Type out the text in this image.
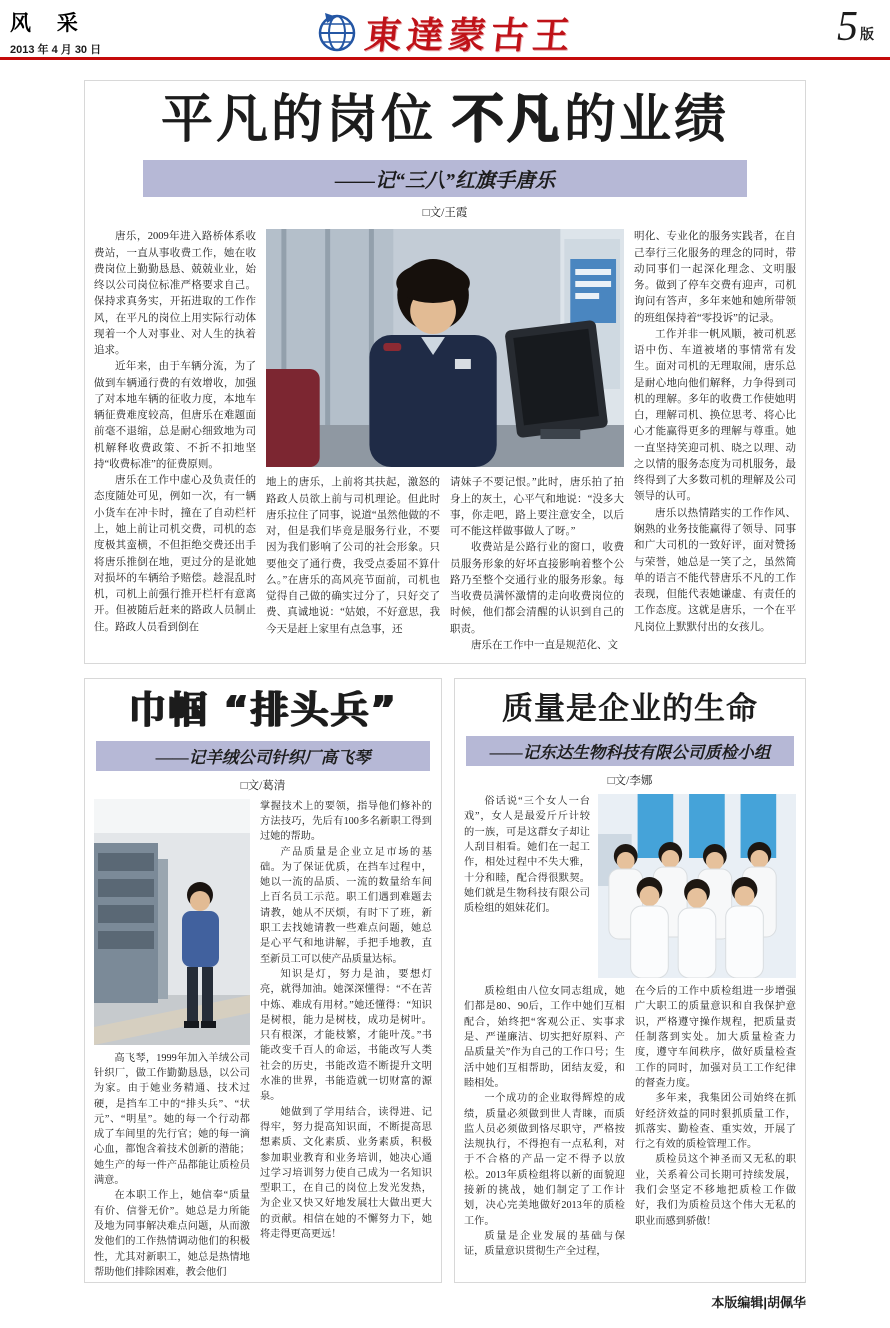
风 采
2013 年 4 月 30 日	東達蒙古王	5 版
平凡的岗位 不凡的业绩
——记“三八”红旗手唐乐
□文/王霞

唐乐，2009年进入路桥体系收费站，一直从事收费工作，她在收费岗位上勤勤恳恳、兢兢业业，始终以公司岗位标准严格要求自己。保持求真务实，开拓进取的工作作风，在平凡的岗位上用实际行动体现着一个人对事业、对人生的执着追求。

近年来，由于车辆分流，为了做到车辆通行费的有效增收，加强了对本地车辆的征收力度，本地车辆征费难度较高，但唐乐在难题面前毫不退缩，总是耐心细致地为司机解释收费政策、不折不扣地坚持“收费标准”的征费原则。

唐乐在工作中虚心及负责任的态度随处可见，例如一次，有一辆小货车在冲卡时，撞在了自动栏杆上，她上前让司机交费，司机的态度极其蛮横，不但拒绝交费还出手将唐乐推倒在地，更过分的是讹她对损坏的车辆给予赔偿。趁混乱时机，司机上前强行推开栏杆有意离开。但被随后赶来的路政人员制止住。路政人员看到倒在

地上的唐乐，上前将其扶起，激怒的路政人员欲上前与司机理论。但此时唐乐拉住了同事，说道“虽然他做的不对，但是我们毕竟是服务行业，不要因为我们影响了公司的社会形象。只要他交了通行费，我受点委屈不算什么。”在唐乐的高风亮节面前，司机也觉得自己做的确实过分了，只好交了费、真诚地说：“姑娘，不好意思，我今天是赶上家里有点急事，还

请妹子不要记恨。”此时，唐乐拍了拍身上的灰土，心平气和地说：“没多大事，你走吧，路上要注意安全，以后可不能这样做事做人了呀。”

收费站是公路行业的窗口，收费员服务形象的好坏直接影响着整个公路乃至整个交通行业的服务形象。每当收费员满怀激情的走向收费岗位的时候，他们都会清醒的认识到自己的职责。

唐乐在工作中一直是规范化、文

明化、专业化的服务实践者，在自己奉行三化服务的理念的同时，带动同事们一起深化理念、文明服务。做到了停车交费有迎声，司机询问有答声，多年来她和她所带领的班组保持着“零投诉”的记录。

工作并非一帆风顺，被司机恶语中伤、车道被堵的事情常有发生。面对司机的无理取闹，唐乐总是耐心地向他们解释，力争得到司机的理解。多年的收费工作使她明白，理解司机、换位思考、将心比心才能赢得更多的理解与尊重。她一直坚持笑迎司机、晓之以理、动之以情的服务态度为司机服务，最终得到了大多数司机的理解及公司领导的认可。

唐乐以热情踏实的工作作风、娴熟的业务技能赢得了领导、同事和广大司机的一致好评，面对赞扬与荣誉，她总是一笑了之，虽然简单的语言不能代替唐乐不凡的工作表现，但能代表她谦虚、有责任的工作态度。这就是唐乐，一个在平凡岗位上默默付出的女孩儿。

巾帼 “排头兵”
——记羊绒公司针织厂高飞琴
□文/葛清

高飞琴，1999年加入羊绒公司针织厂，做工作勤勤恳恳，以公司为家。由于她业务精通、技术过硬，是挡车工中的“排头兵”、“状元”、“明星”。她的每一个行动都成了车间里的先行官；她的每一滴心血，都饱含着技术创新的潜能；她生产的每一件产品都能让质检员满意。

在本职工作上，她信奉“质量有价、信誉无价”。她总是力所能及地为同事解决难点问题，从而激发他们的工作热情调动他们的积极性，尤其对新职工，她总是热情地帮助他们排除困难，教会他们

掌握技术上的要领，指导他们修补的方法技巧，先后有100多名新职工得到过她的帮助。

产品质量是企业立足市场的基础。为了保证优质，在挡车过程中，她以一流的品质、一流的数量给车间上百名员工示范。职工们遇到难题去请教，她从不厌烦，有时下了班，新职工去找她请教一些难点问题，她总是心平气和地讲解，手把手地教，直至新员工可以使产品质量达标。

知识是灯，努力是油，要想灯亮，就得加油。她深深懂得：“不在苦中炼、难成有用材。”她还懂得：“知识是树根，能力是树枝，成功是树叶。只有根深，才能枝繁，才能叶茂。”书能改变千百人的命运，书能改写人类社会的历史，书能改造不断提升文明水准的世界，书能造就一切财富的源泉。

她做到了学用结合，读得进、记得牢，努力提高知识面，不断提高思想素质、文化素质、业务素质，积极参加职业教育和业务培训，她决心通过学习培训努力使自己成为一名知识型职工，在自己的岗位上发光发热，为企业又快又好地发展壮大做出更大的贡献。相信在她的不懈努力下，她将走得更高更远！

质量是企业的生命
——记东达生物科技有限公司质检小组
□文/李娜

俗话说“三个女人一台戏”，女人是最爱斤斤计较的一族，可是这群女子却让人刮目相看。她们在一起工作，相处过程中不失大雅，十分和睦，配合得很默契。她们就是生物科技有限公司质检组的姐妹花们。

质检组由八位女同志组成，她们都是80、90后，工作中她们互相配合，始终把“客观公正、实事求是、严谨廉洁、切实把好原料、产品质量关”作为自己的工作口号；生活中她们互相帮助，团结友爱，和睦相处。

一个成功的企业取得辉煌的成绩，质量必须做到世人青睐，而质监人员必须做到恪尽职守，严格按法规执行，不得抱有一点私利，对于不合格的产品一定不得予以放松。2013年质检组将以新的面貌迎接新的挑战，她们制定了工作计划，决心完美地做好2013年的质检工作。

质量是企业发展的基础与保证，质量意识贯彻生产全过程，

在今后的工作中质检组进一步增强广大职工的质量意识和自我保护意识，严格遵守操作规程，把质量责任制落到实处。加大质量检查力度，遵守车间秩序，做好质量检查工作的同时，加强对员工工作纪律的督查力度。

多年来，我集团公司始终在抓好经济效益的同时狠抓质量工作，抓落实、勤检查、重实效，开展了行之有效的质检管理工作。

质检员这个神圣而又无私的职业，关系着公司长期可持续发展，我们会坚定不移地把质检工作做好，我们为质检员这个伟大无私的职业而感到骄傲！

本版编辑|胡佩华
